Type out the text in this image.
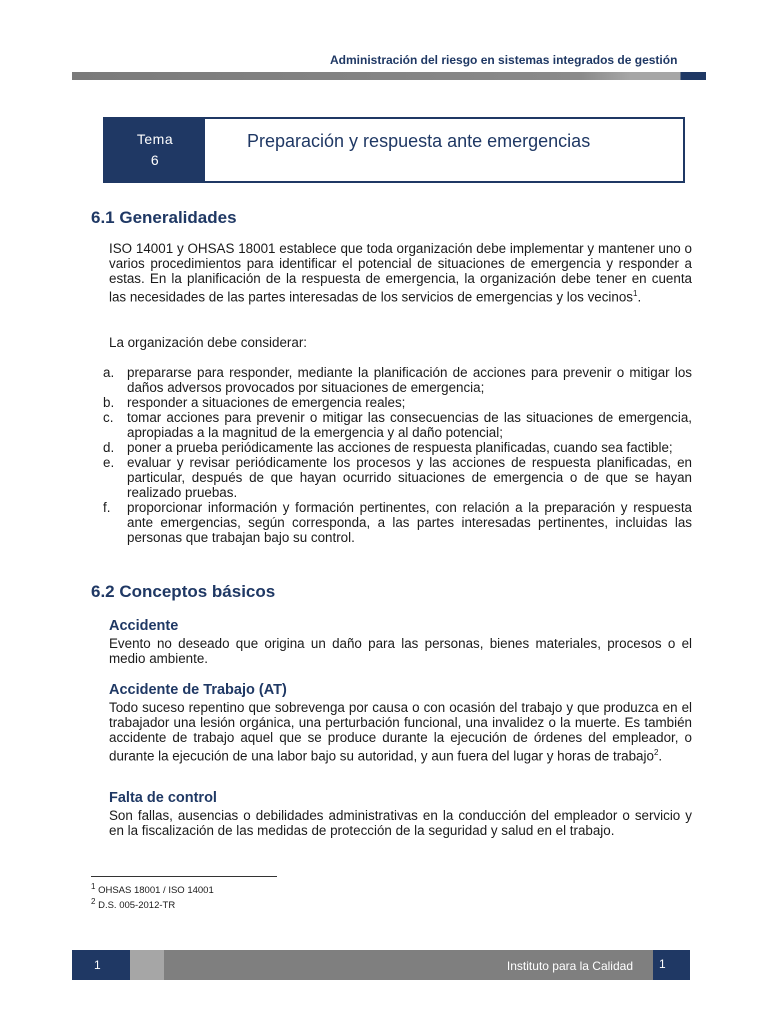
Administración del riesgo en sistemas integrados de gestión
Tema
6
Preparación y respuesta ante emergencias
6.1 Generalidades
ISO 14001 y OHSAS 18001 establece que toda organización debe implementar y mantener uno o varios procedimientos para identificar el potencial de situaciones de emergencia y responder a estas. En la planificación de la respuesta de emergencia, la organización debe tener en cuenta las necesidades de las partes interesadas de los servicios de emergencias y los vecinos$^1$.
La organización debe considerar:
a. prepararse para responder, mediante la planificación de acciones para prevenir o mitigar los daños adversos provocados por situaciones de emergencia;
b. responder a situaciones de emergencia reales;
c. tomar acciones para prevenir o mitigar las consecuencias de las situaciones de emergencia, apropiadas a la magnitud de la emergencia y al daño potencial;
d. poner a prueba periódicamente las acciones de respuesta planificadas, cuando sea factible;
e. evaluar y revisar periódicamente los procesos y las acciones de respuesta planificadas, en particular, después de que hayan ocurrido situaciones de emergencia o de que se hayan realizado pruebas.
f. proporcionar información y formación pertinentes, con relación a la preparación y respuesta ante emergencias, según corresponda, a las partes interesadas pertinentes, incluidas las personas que trabajan bajo su control.
6.2 Conceptos básicos
Accidente
Evento no deseado que origina un daño para las personas, bienes materiales, procesos o el medio ambiente.
Accidente de Trabajo (AT)
Todo suceso repentino que sobrevenga por causa o con ocasión del trabajo y que produzca en el trabajador una lesión orgánica, una perturbación funcional, una invalidez o la muerte. Es también accidente de trabajo aquel que se produce durante la ejecución de órdenes del empleador, o durante la ejecución de una labor bajo su autoridad, y aun fuera del lugar y horas de trabajo$^2$.
Falta de control
Son fallas, ausencias o debilidades administrativas en la conducción del empleador o servicio y en la fiscalización de las medidas de protección de la seguridad y salud en el trabajo.
$^1$ OHSAS 18001 / ISO 14001
$^2$ D.S. 005-2012-TR
1	Instituto para la Calidad 1
